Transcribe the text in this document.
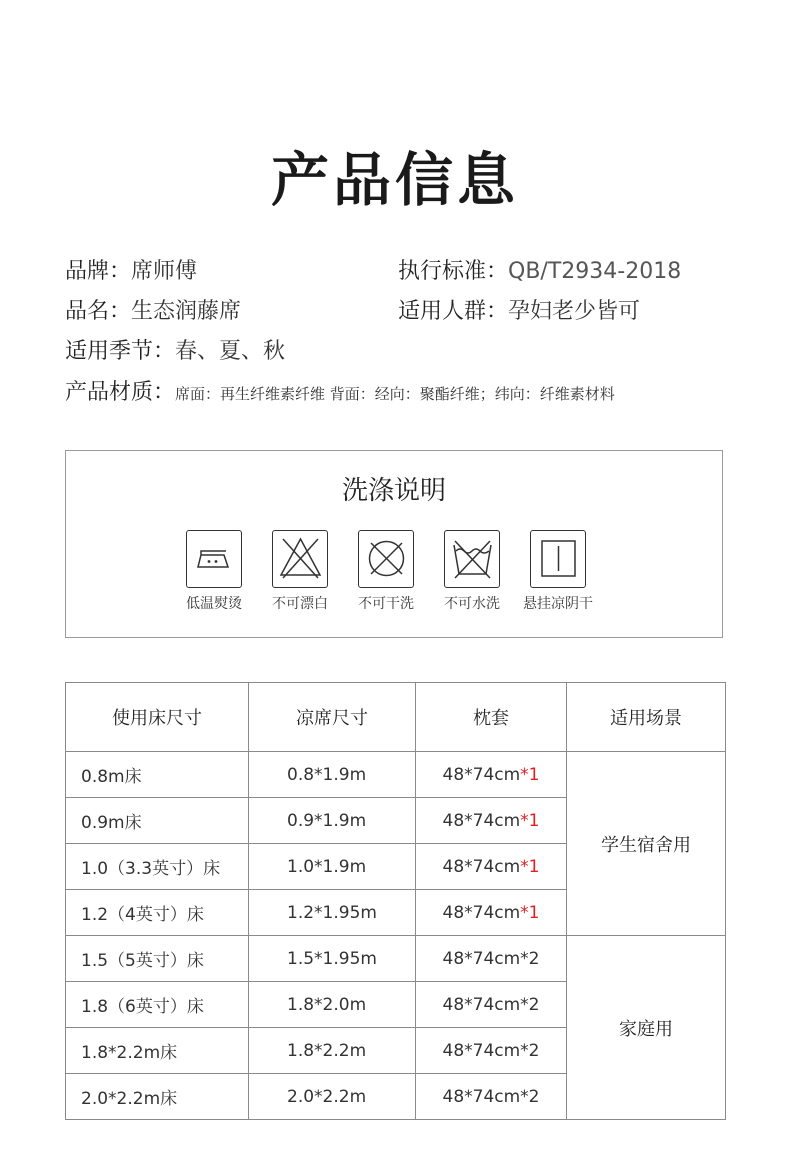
产品信息
品牌：席师傅	执行标准：QB/T2934-2018
品名：生态润藤席	适用人群：孕妇老少皆可
适用季节：春、夏、秋
产品材质：席面：再生纤维素纤维 背面：经向：聚酯纤维；纬向：纤维素材料
洗涤说明
低温熨烫	不可漂白	不可干洗	不可水洗	悬挂凉阴干
使用床尺寸	凉席尺寸	枕套	适用场景
0.8m床	0.8*1.9m	48*74cm*1	学生宿舍用
0.9m床	0.9*1.9m	48*74cm*1	
1.0（3.3英寸）床	1.0*1.9m	48*74cm*1	
1.2（4英寸）床	1.2*1.95m	48*74cm*1	
1.5（5英寸）床	1.5*1.95m	48*74cm*2	家庭用
1.8（6英寸）床	1.8*2.0m	48*74cm*2	
1.8*2.2m床	1.8*2.2m	48*74cm*2	
2.0*2.2m床	2.0*2.2m	48*74cm*2	
